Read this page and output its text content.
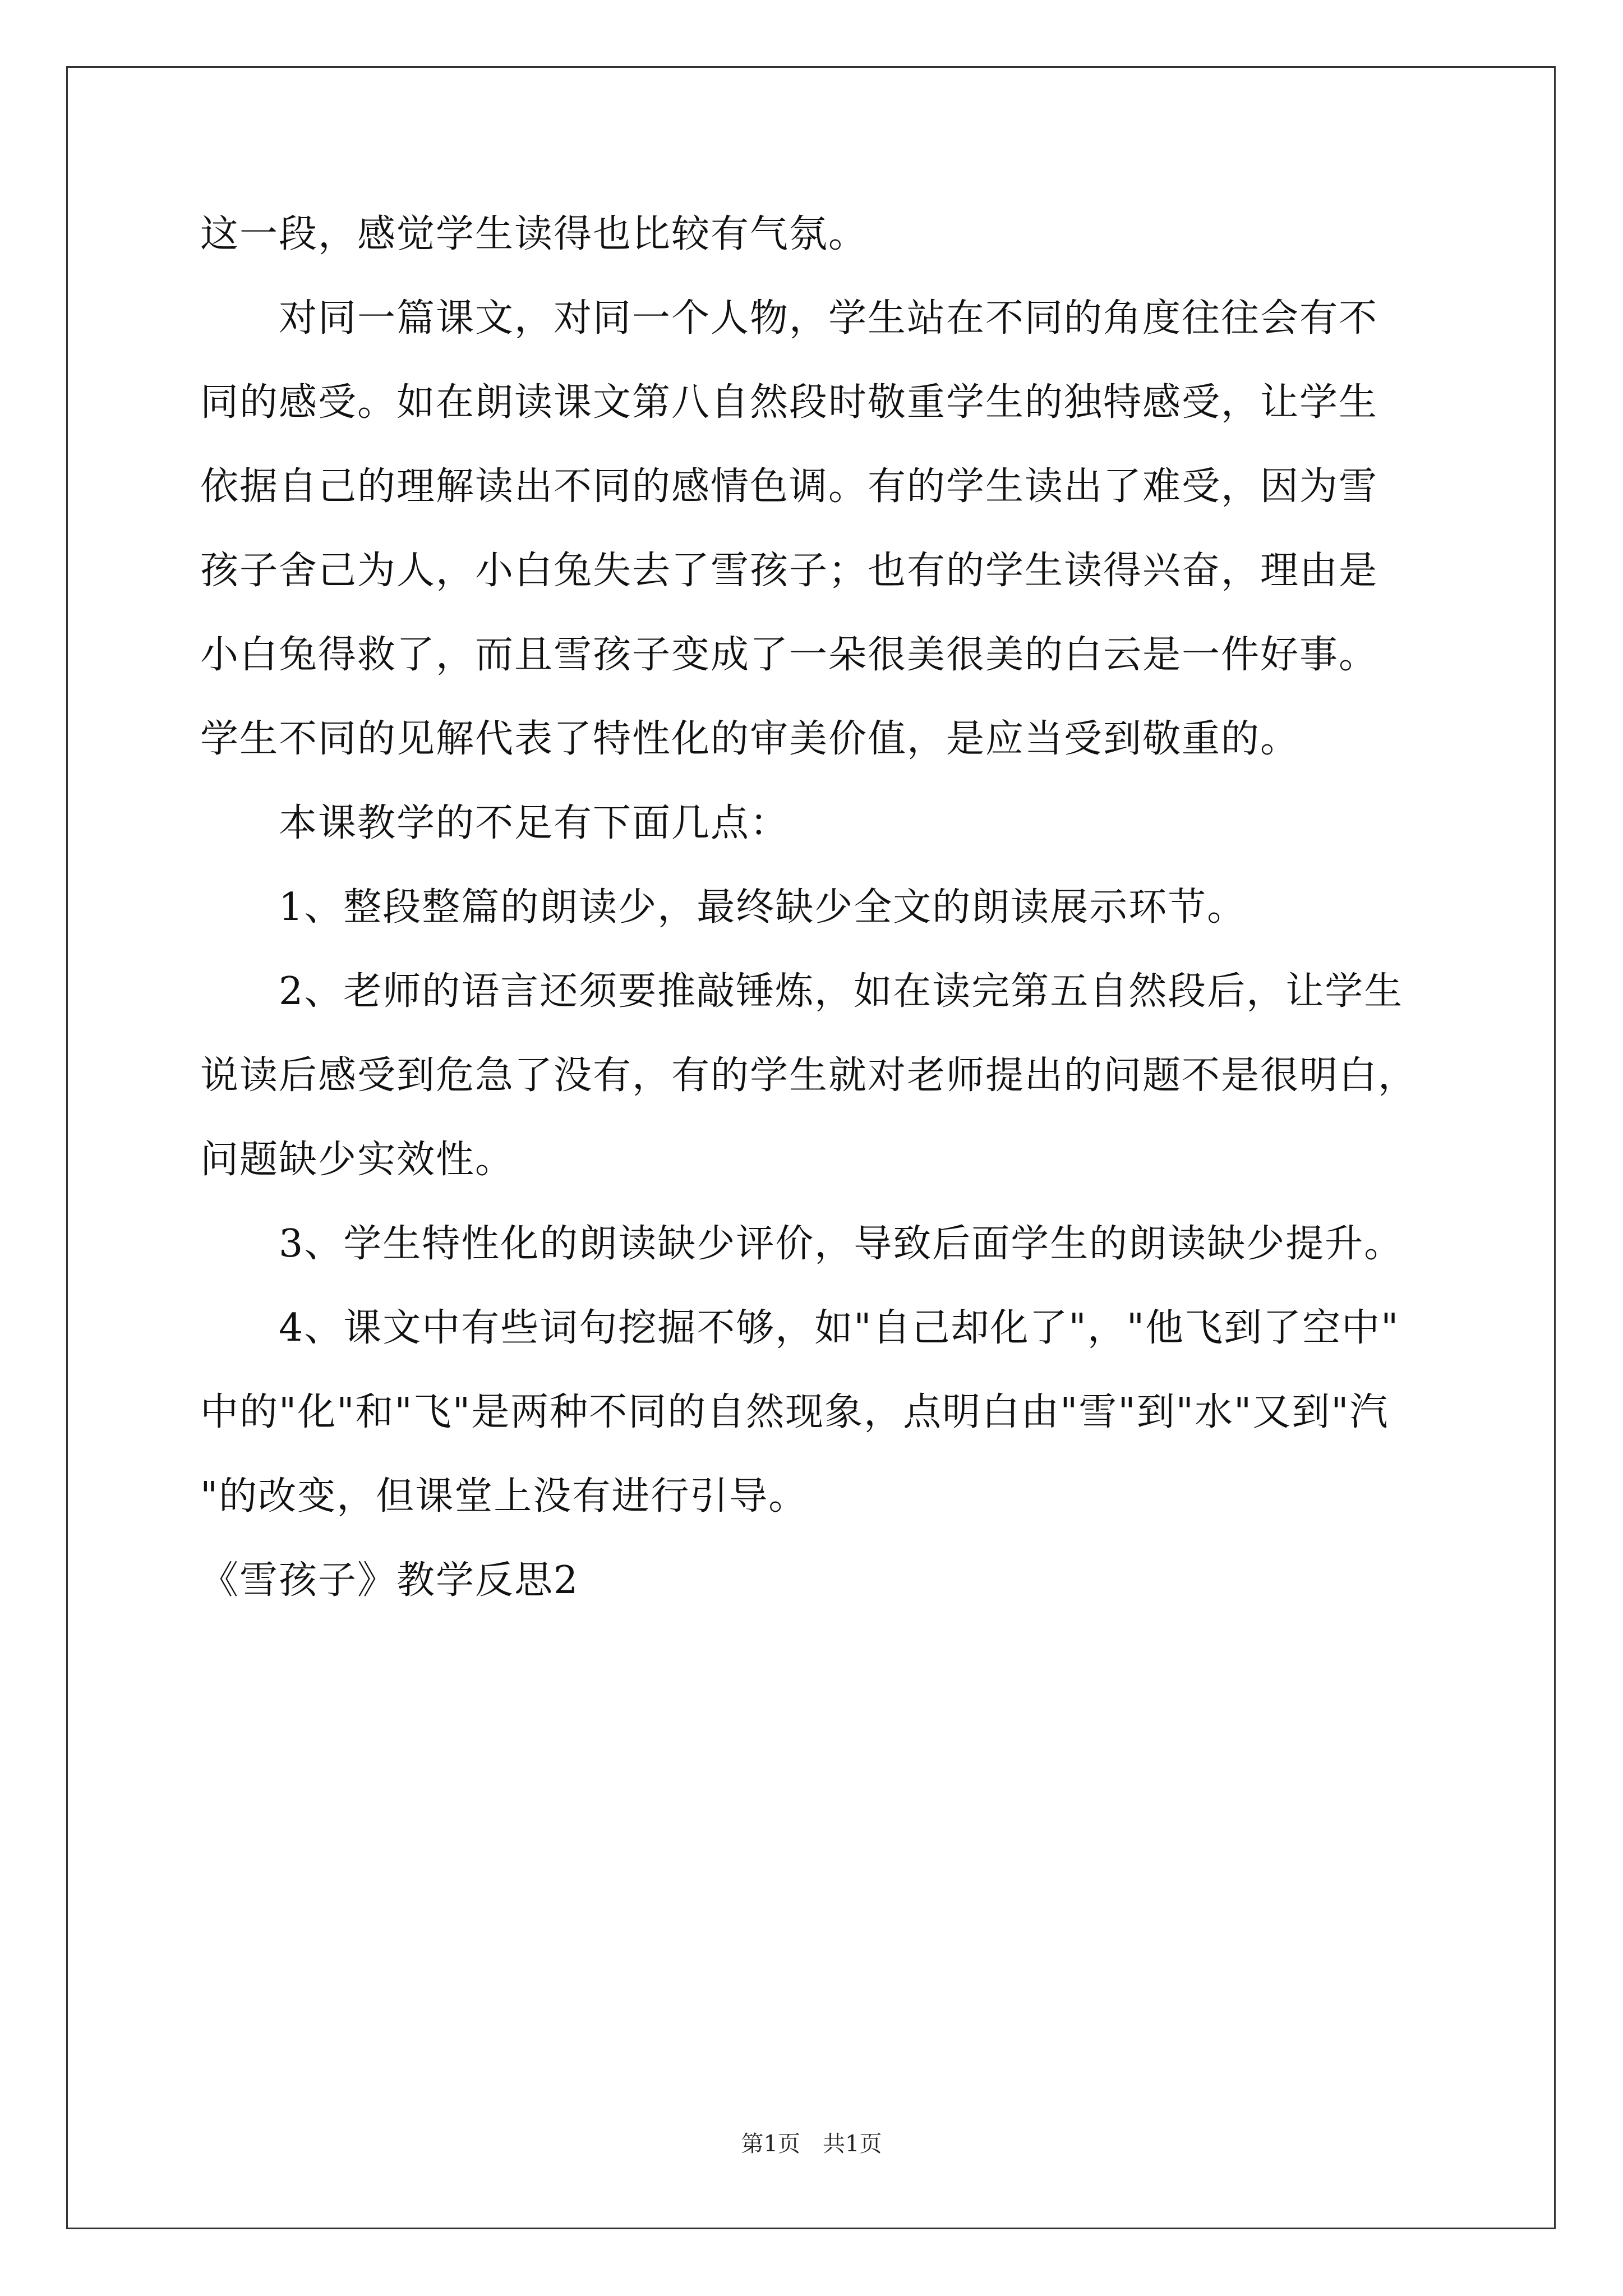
这一段，感觉学生读得也比较有气氛。
对同一篇课文，对同一个人物，学生站在不同的角度往往会有不
同的感受。如在朗读课文第八自然段时敬重学生的独特感受，让学生
依据自己的理解读出不同的感情色调。有的学生读出了难受，因为雪
孩子舍己为人，小白兔失去了雪孩子；也有的学生读得兴奋，理由是
小白兔得救了，而且雪孩子变成了一朵很美很美的白云是一件好事。
学生不同的见解代表了特性化的审美价值，是应当受到敬重的。
本课教学的不足有下面几点：
1、整段整篇的朗读少，最终缺少全文的朗读展示环节。
2、老师的语言还须要推敲锤炼，如在读完第五自然段后，让学生
说读后感受到危急了没有，有的学生就对老师提出的问题不是很明白，
问题缺少实效性。
3、学生特性化的朗读缺少评价，导致后面学生的朗读缺少提升。
4、课文中有些词句挖掘不够，如"自己却化了"，"他飞到了空中"
中的"化"和"飞"是两种不同的自然现象，点明白由"雪"到"水"又到"汽
"的改变，但课堂上没有进行引导。
《雪孩子》教学反思2
第1页　共1页
